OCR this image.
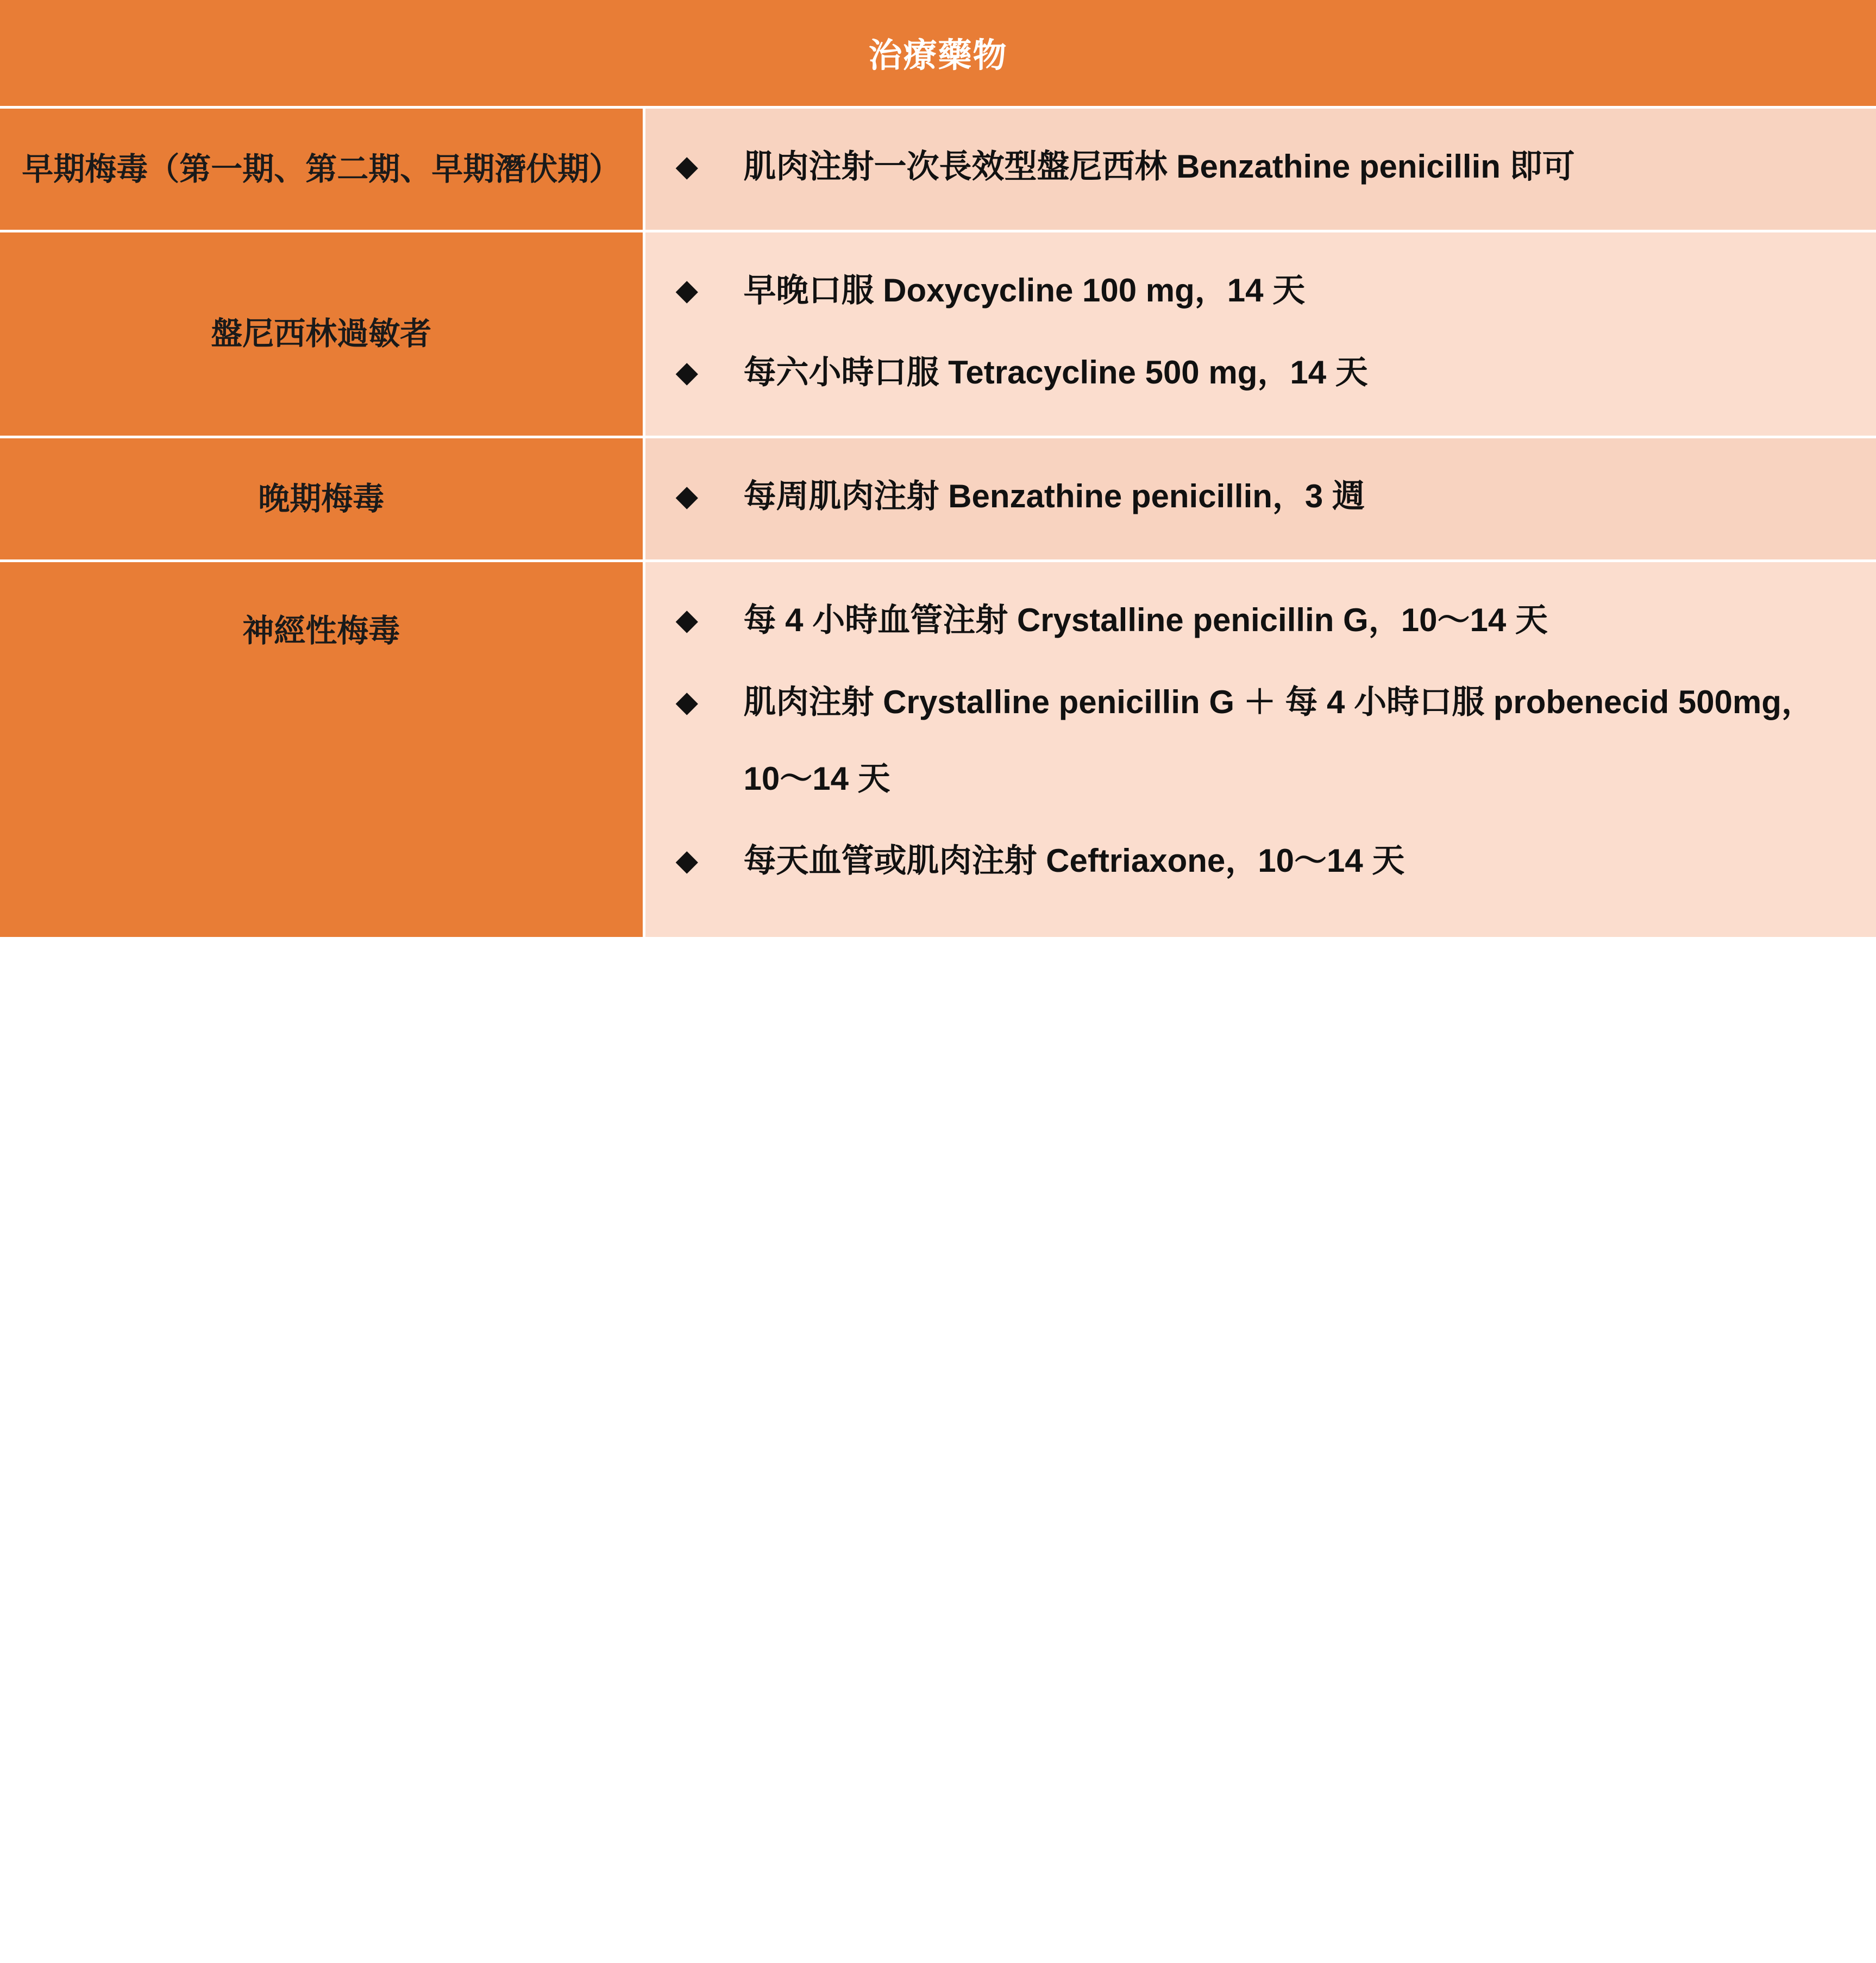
治療藥物	
早期梅毒（第一期、第二期、早期潛伏期）	◆	肌肉注射一次長效型盤尼西林 Benzathine penicillin 即可

盤尼西林過敏者	
◆	早晚口服 Doxycycline 100 mg，14 天
◆	每六小時口服 Tetracycline 500 mg，14 天

晚期梅毒	◆	每周肌肉注射 Benzathine penicillin，3 週

神經性梅毒	◆	每 4 小時血管注射 Crystalline penicillin G，10～14 天
◆	肌肉注射 Crystalline penicillin G ＋ 每 4 小時口服 probenecid 500mg，10～14 天
◆	每天血管或肌肉注射 Ceftriaxone，10～14 天
